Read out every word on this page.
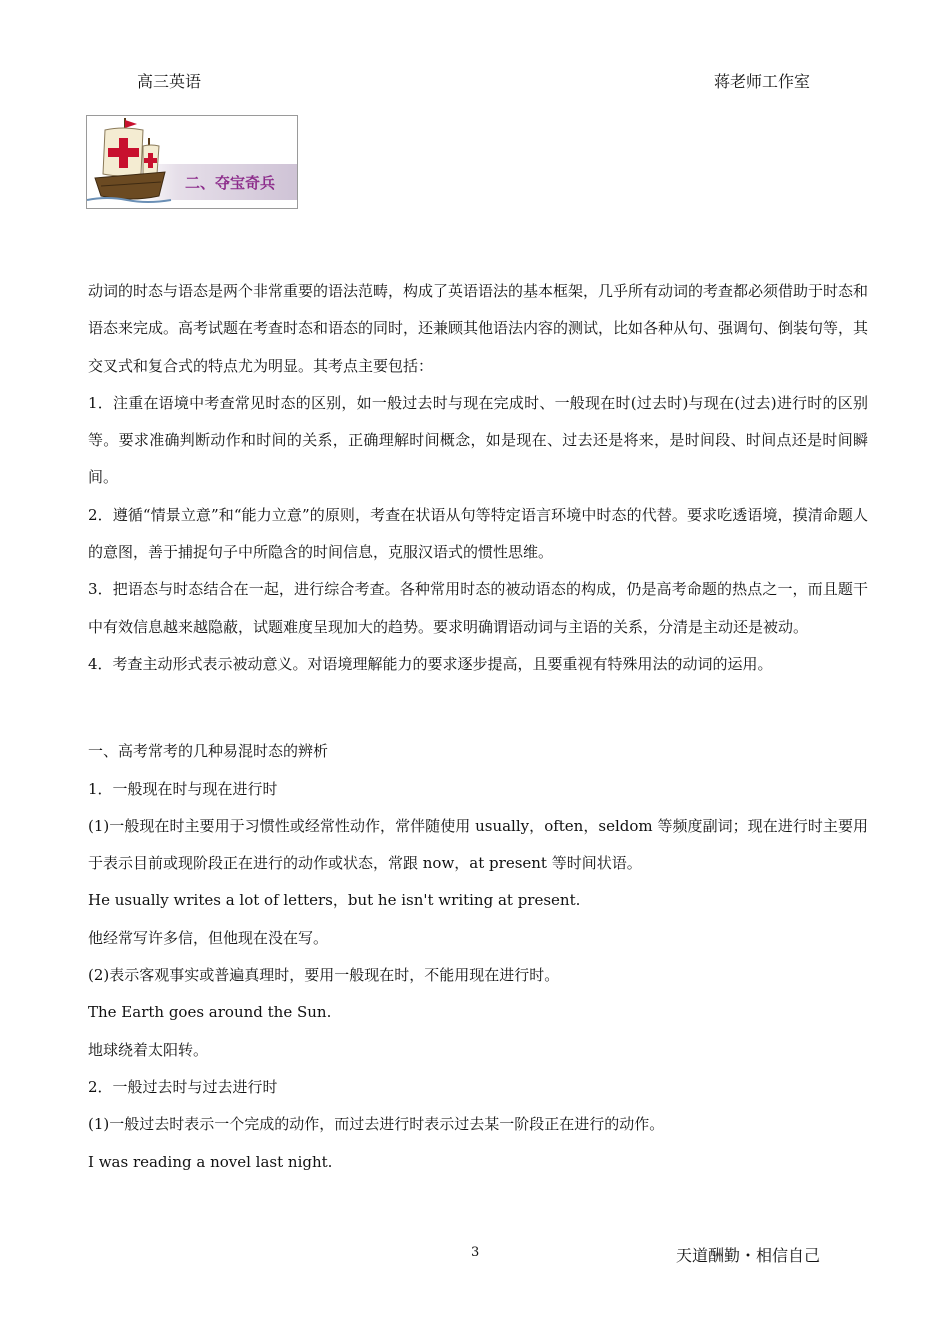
高三英语	蒋老师工作室
二、夺宝奇兵
动词的时态与语态是两个非常重要的语法范畴，构成了英语语法的基本框架，几乎所有动词的考查都必须借助于时态和语态来完成。高考试题在考查时态和语态的同时，还兼顾其他语法内容的测试，比如各种从句、强调句、倒装句等，其交叉式和复合式的特点尤为明显。其考点主要包括：
1．注重在语境中考查常见时态的区别，如一般过去时与现在完成时、一般现在时(过去时)与现在(过去)进行时的区别等。要求准确判断动作和时间的关系，正确理解时间概念，如是现在、过去还是将来，是时间段、时间点还是时间瞬间。
2．遵循“情景立意”和“能力立意”的原则，考查在状语从句等特定语言环境中时态的代替。要求吃透语境，摸清命题人的意图，善于捕捉句子中所隐含的时间信息，克服汉语式的惯性思维。
3．把语态与时态结合在一起，进行综合考查。各种常用时态的被动语态的构成，仍是高考命题的热点之一，而且题干中有效信息越来越隐蔽，试题难度呈现加大的趋势。要求明确谓语动词与主语的关系，分清是主动还是被动。
4．考查主动形式表示被动意义。对语境理解能力的要求逐步提高，且要重视有特殊用法的动词的运用。
一、高考常考的几种易混时态的辨析
1．一般现在时与现在进行时
(1)一般现在时主要用于习惯性或经常性动作，常伴随使用 usually，often，seldom 等频度副词；现在进行时主要用于表示目前或现阶段正在进行的动作或状态，常跟 now，at present 等时间状语。
He usually writes a lot of letters，but he isn't writing at present.
他经常写许多信，但他现在没在写。
(2)表示客观事实或普遍真理时，要用一般现在时，不能用现在进行时。
The Earth goes around the Sun.
地球绕着太阳转。
2．一般过去时与过去进行时
(1)一般过去时表示一个完成的动作，而过去进行时表示过去某一阶段正在进行的动作。
I was reading a novel last night.
3	天道酬勤・相信自己
